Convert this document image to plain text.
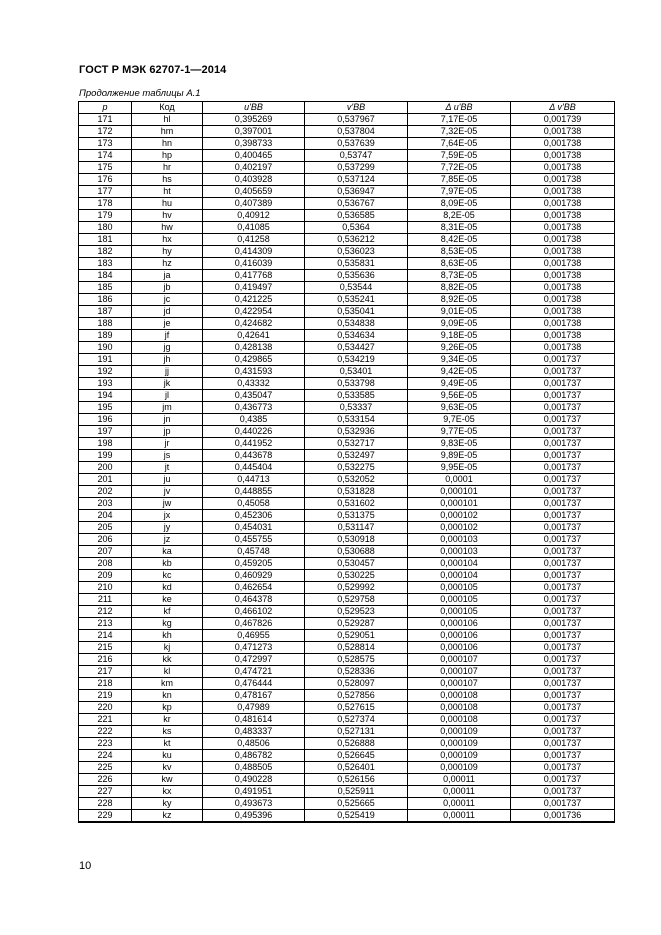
ГОСТ Р МЭК 62707-1—2014
Продолжение таблицы А.1
p	Код	u'BB	v'BB	Δ u'BB	Δ v'BB
171	hl	0,395269	0,537967	7,17E-05	0,001739
172	hm	0,397001	0,537804	7,32E-05	0,001738
173	hn	0,398733	0,537639	7,64E-05	0,001738
174	hp	0,400465	0,53747	7,59E-05	0,001738
175	hr	0,402197	0,537299	7,72E-05	0,001738
176	hs	0,403928	0,537124	7,85E-05	0,001738
177	ht	0,405659	0,536947	7,97E-05	0,001738
178	hu	0,407389	0,536767	8,09E-05	0,001738
179	hv	0,40912	0,536585	8,2E-05	0,001738
180	hw	0,41085	0,5364	8,31E-05	0,001738
181	hx	0,41258	0,536212	8,42E-05	0,001738
182	hy	0,414309	0,536023	8,53E-05	0,001738
183	hz	0,416039	0,535831	8,63E-05	0,001738
184	ja	0,417768	0,535636	8,73E-05	0,001738
185	jb	0,419497	0,53544	8,82E-05	0,001738
186	jc	0,421225	0,535241	8,92E-05	0,001738
187	jd	0,422954	0,535041	9,01E-05	0,001738
188	je	0,424682	0,534838	9,09E-05	0,001738
189	jf	0,42641	0,534634	9,18E-05	0,001738
190	jg	0,428138	0,534427	9,26E-05	0,001738
191	jh	0,429865	0,534219	9,34E-05	0,001737
192	jj	0,431593	0,53401	9,42E-05	0,001737
193	jk	0,43332	0,533798	9,49E-05	0,001737
194	jl	0,435047	0,533585	9,56E-05	0,001737
195	jm	0,436773	0,53337	9,63E-05	0,001737
196	jn	0,4385	0,533154	9,7E-05	0,001737
197	jp	0,440226	0,532936	9,77E-05	0,001737
198	jr	0,441952	0,532717	9,83E-05	0,001737
199	js	0,443678	0,532497	9,89E-05	0,001737
200	jt	0,445404	0,532275	9,95E-05	0,001737
201	ju	0,44713	0,532052	0,0001	0,001737
202	jv	0,448855	0,531828	0,000101	0,001737
203	jw	0,45058	0,531602	0,000101	0,001737
204	jx	0,452306	0,531375	0,000102	0,001737
205	jy	0,454031	0,531147	0,000102	0,001737
206	jz	0,455755	0,530918	0,000103	0,001737
207	ka	0,45748	0,530688	0,000103	0,001737
208	kb	0,459205	0,530457	0,000104	0,001737
209	kc	0,460929	0,530225	0,000104	0,001737
210	kd	0,462654	0,529992	0,000105	0,001737
211	ke	0,464378	0,529758	0,000105	0,001737
212	kf	0,466102	0,529523	0,000105	0,001737
213	kg	0,467826	0,529287	0,000106	0,001737
214	kh	0,46955	0,529051	0,000106	0,001737
215	kj	0,471273	0,528814	0,000106	0,001737
216	kk	0,472997	0,528575	0,000107	0,001737
217	kl	0,474721	0,528336	0,000107	0,001737
218	km	0,476444	0,528097	0,000107	0,001737
219	kn	0,478167	0,527856	0,000108	0,001737
220	kp	0,47989	0,527615	0,000108	0,001737
221	kr	0,481614	0,527374	0,000108	0,001737
222	ks	0,483337	0,527131	0,000109	0,001737
223	kt	0,48506	0,526888	0,000109	0,001737
224	ku	0,486782	0,526645	0,000109	0,001737
225	kv	0,488505	0,526401	0,000109	0,001737
226	kw	0,490228	0,526156	0,00011	0,001737
227	kx	0,491951	0,525911	0,00011	0,001737
228	ky	0,493673	0,525665	0,00011	0,001737
229	kz	0,495396	0,525419	0,00011	0,001736
10
